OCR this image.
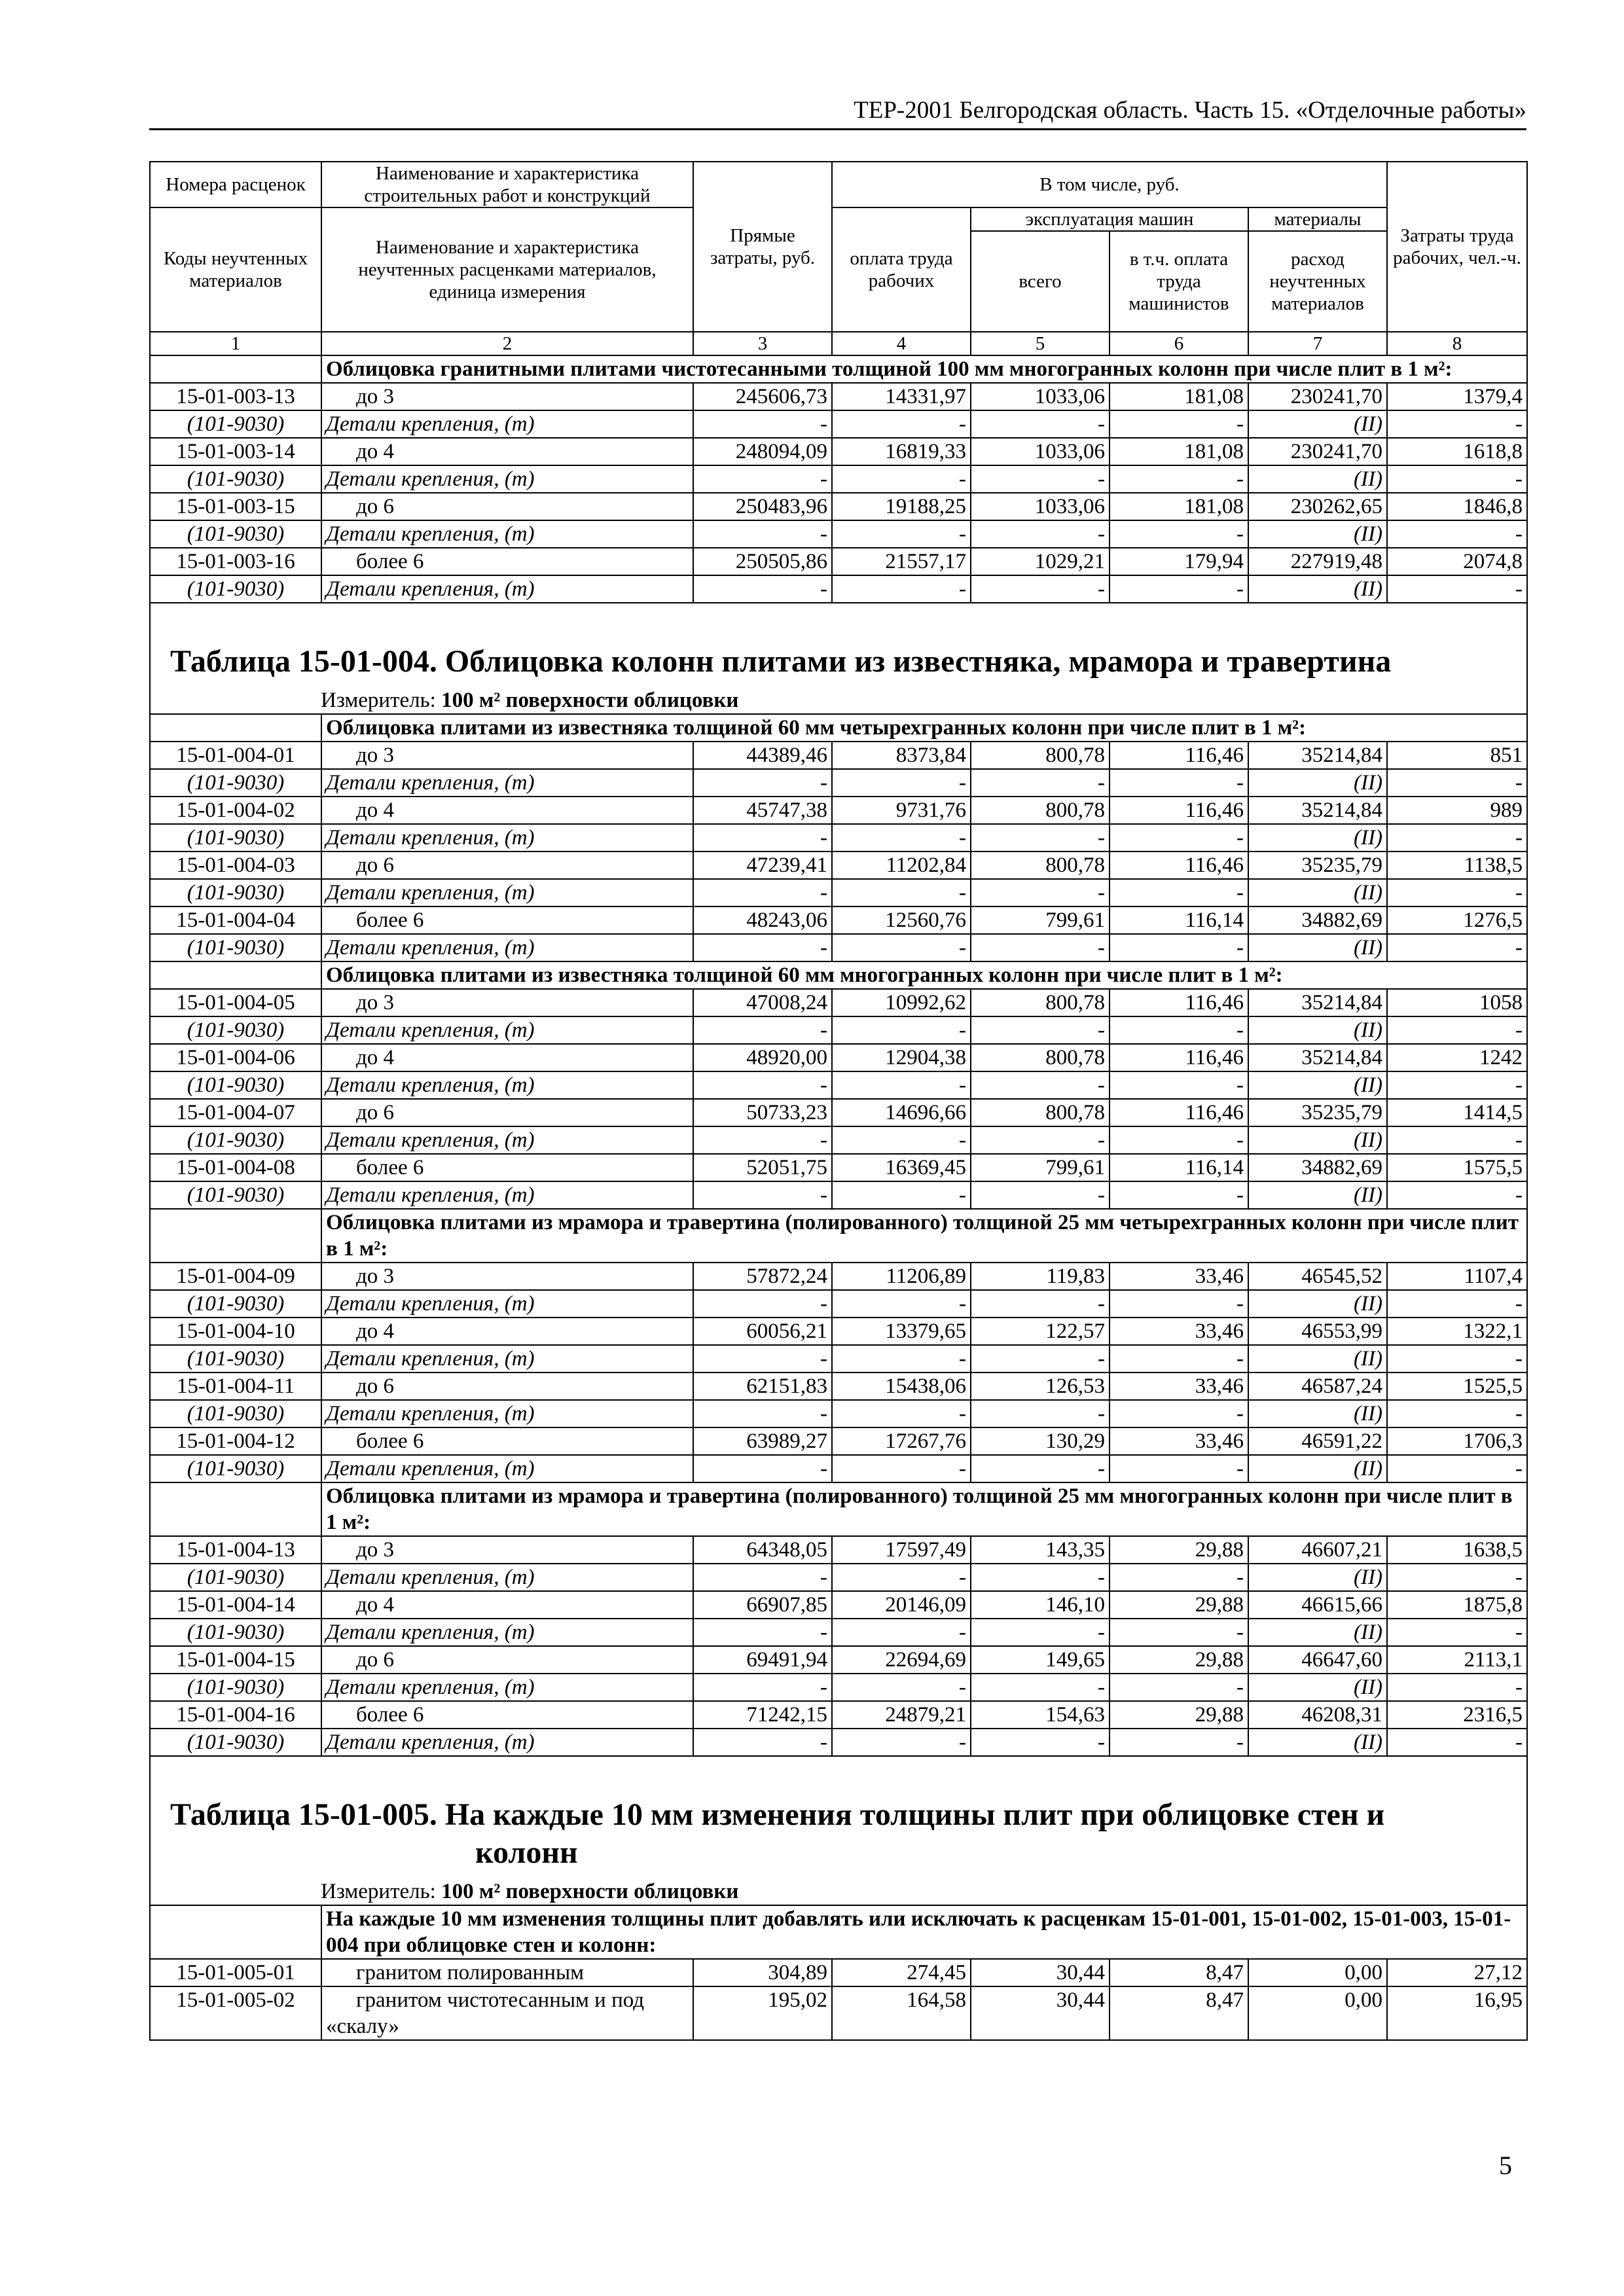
ТЕР-2001 Белгородская область. Часть 15. «Отделочные работы»
Номера расценок	Наименование и характеристика строительных работ и конструкций	Прямые затраты, руб.	В том числе, руб.				Затраты труда рабочих, чел.-ч.
Коды неучтенных материалов	Наименование и характеристика неучтенных расценками материалов, единица измерения		оплата труда рабочих	эксплуатация машин		материалы	
				всего	в т.ч. оплата труда машинистов	расход неучтенных материалов	
1	2	3	4	5	6	7	8
	Облицовка гранитными плитами чистотесанными толщиной 100 мм многогранных колонн при числе плит в 1 м²:						
15-01-003-13	до 3	245606,73	14331,97	1033,06	181,08	230241,70	1379,4
(101-9030)	Детали крепления, (т)	-	-	-	-	(II)	-
15-01-003-14	до 4	248094,09	16819,33	1033,06	181,08	230241,70	1618,8
(101-9030)	Детали крепления, (т)	-	-	-	-	(II)	-
15-01-003-15	до 6	250483,96	19188,25	1033,06	181,08	230262,65	1846,8
(101-9030)	Детали крепления, (т)	-	-	-	-	(II)	-
15-01-003-16	более 6	250505,86	21557,17	1029,21	179,94	227919,48	2074,8
(101-9030)	Детали крепления, (т)	-	-	-	-	(II)	-

Таблица 15-01-004. Облицовка колонн плитами из известняка, мрамора и травертина							
Измеритель: 100 м² поверхности облицовки							
	Облицовка плитами из известняка толщиной 60 мм четырехгранных колонн при числе плит в 1 м²:						
15-01-004-01	до 3	44389,46	8373,84	800,78	116,46	35214,84	851
(101-9030)	Детали крепления, (т)	-	-	-	-	(II)	-
15-01-004-02	до 4	45747,38	9731,76	800,78	116,46	35214,84	989
(101-9030)	Детали крепления, (т)	-	-	-	-	(II)	-
15-01-004-03	до 6	47239,41	11202,84	800,78	116,46	35235,79	1138,5
(101-9030)	Детали крепления, (т)	-	-	-	-	(II)	-
15-01-004-04	более 6	48243,06	12560,76	799,61	116,14	34882,69	1276,5
(101-9030)	Детали крепления, (т)	-	-	-	-	(II)	-
	Облицовка плитами из известняка толщиной 60 мм многогранных колонн при числе плит в 1 м²:						
15-01-004-05	до 3	47008,24	10992,62	800,78	116,46	35214,84	1058
(101-9030)	Детали крепления, (т)	-	-	-	-	(II)	-
15-01-004-06	до 4	48920,00	12904,38	800,78	116,46	35214,84	1242
(101-9030)	Детали крепления, (т)	-	-	-	-	(II)	-
15-01-004-07	до 6	50733,23	14696,66	800,78	116,46	35235,79	1414,5
(101-9030)	Детали крепления, (т)	-	-	-	-	(II)	-
15-01-004-08	более 6	52051,75	16369,45	799,61	116,14	34882,69	1575,5
(101-9030)	Детали крепления, (т)	-	-	-	-	(II)	-
	Облицовка плитами из мрамора и травертина (полированного) толщиной 25 мм четырехгранных колонн при числе плит в 1 м²:						
15-01-004-09	до 3	57872,24	11206,89	119,83	33,46	46545,52	1107,4
(101-9030)	Детали крепления, (т)	-	-	-	-	(II)	-
15-01-004-10	до 4	60056,21	13379,65	122,57	33,46	46553,99	1322,1
(101-9030)	Детали крепления, (т)	-	-	-	-	(II)	-
15-01-004-11	до 6	62151,83	15438,06	126,53	33,46	46587,24	1525,5
(101-9030)	Детали крепления, (т)	-	-	-	-	(II)	-
15-01-004-12	более 6	63989,27	17267,76	130,29	33,46	46591,22	1706,3
(101-9030)	Детали крепления, (т)	-	-	-	-	(II)	-
	Облицовка плитами из мрамора и травертина (полированного) толщиной 25 мм многогранных колонн при числе плит в 1 м²:						
15-01-004-13	до 3	64348,05	17597,49	143,35	29,88	46607,21	1638,5
(101-9030)	Детали крепления, (т)	-	-	-	-	(II)	-
15-01-004-14	до 4	66907,85	20146,09	146,10	29,88	46615,66	1875,8
(101-9030)	Детали крепления, (т)	-	-	-	-	(II)	-
15-01-004-15	до 6	69491,94	22694,69	149,65	29,88	46647,60	2113,1
(101-9030)	Детали крепления, (т)	-	-	-	-	(II)	-
15-01-004-16	более 6	71242,15	24879,21	154,63	29,88	46208,31	2316,5
(101-9030)	Детали крепления, (т)	-	-	-	-	(II)	-

Таблица 15-01-005. На каждые 10 мм изменения толщины плит при облицовке стен и
колонн							

Измеритель: 100 м² поверхности облицовки							
	На каждые 10 мм изменения толщины плит добавлять или исключать к расценкам 15-01-001, 15-01-002, 15-01-003, 15-01-004 при облицовке стен и колонн:						
15-01-005-01	гранитом полированным	304,89	274,45	30,44	8,47	0,00	27,12
15-01-005-02	гранитом чистотесанным и под «скалу»	195,02	164,58	30,44	8,47	0,00	16,95
5
